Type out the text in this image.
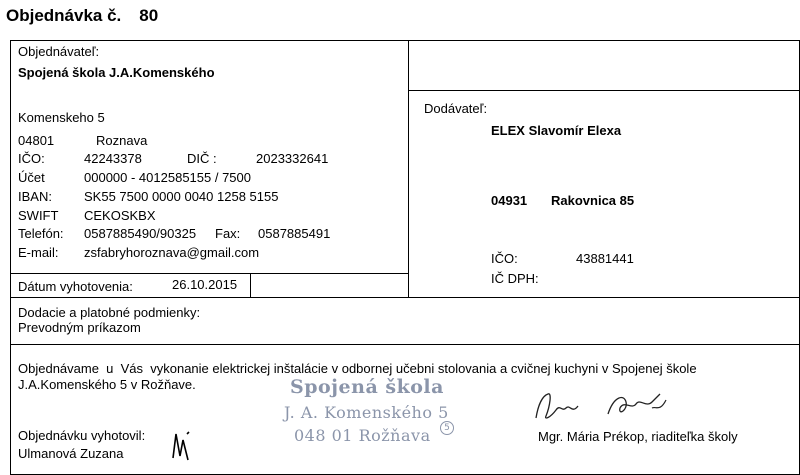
Objednávka č. 80
Objednávateľ:
Spojená škola J.A.Komenského
Komenskeho 5
04801	Roznava
IČO:	42243378	DIČ :	2023332641
Účet	000000 - 4012585155 / 7500
IBAN: SK55 7500 0000 0040 1258 5155
SWIFT CEKOSKBX
Telefón: 0587885490/90325 Fax: 0587885491
E-mail: zsfabryhoroznava@gmail.com
Dátum vyhotovenia:	26.10.2015
Dodávateľ:
ELEX Slavomír Elexa
04931 Rakovnica 85
IČO:	43881441
IČ DPH:
Dodacie a platobné podmienky:
Prevodným príkazom
Objednávame  u  Vás  vykonanie elektrickej inštalácie v odbornej učebni stolovania a cvičnej kuchyni v Spojenej škole
J.A.Komenského 5 v Rožňave.
Objednávku vyhotovil:
Ulmanová Zuzana
Mgr. Mária Prékop, riaditeľka školy
Spojená škola
J. A. Komenského 5
048 01 Rožňava	5
